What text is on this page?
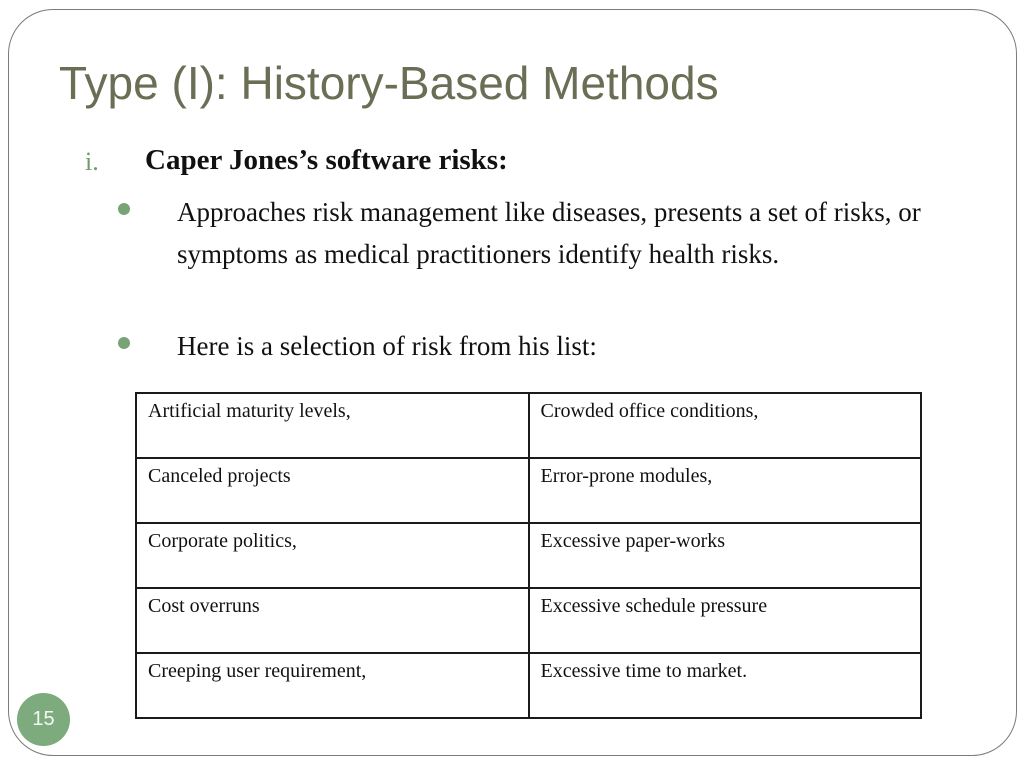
Type (I): History-Based Methods
i. Caper Jones’s software risks:
Approaches risk management like diseases, presents a set of risks, or symptoms as medical practitioners identify health risks.
Here is a selection of risk from his list:
Artificial maturity levels,	Crowded office conditions,
Canceled projects	Error-prone modules,
Corporate politics,	Excessive paper-works
Cost overruns	Excessive schedule pressure
Creeping user requirement,	Excessive time to market.
15
